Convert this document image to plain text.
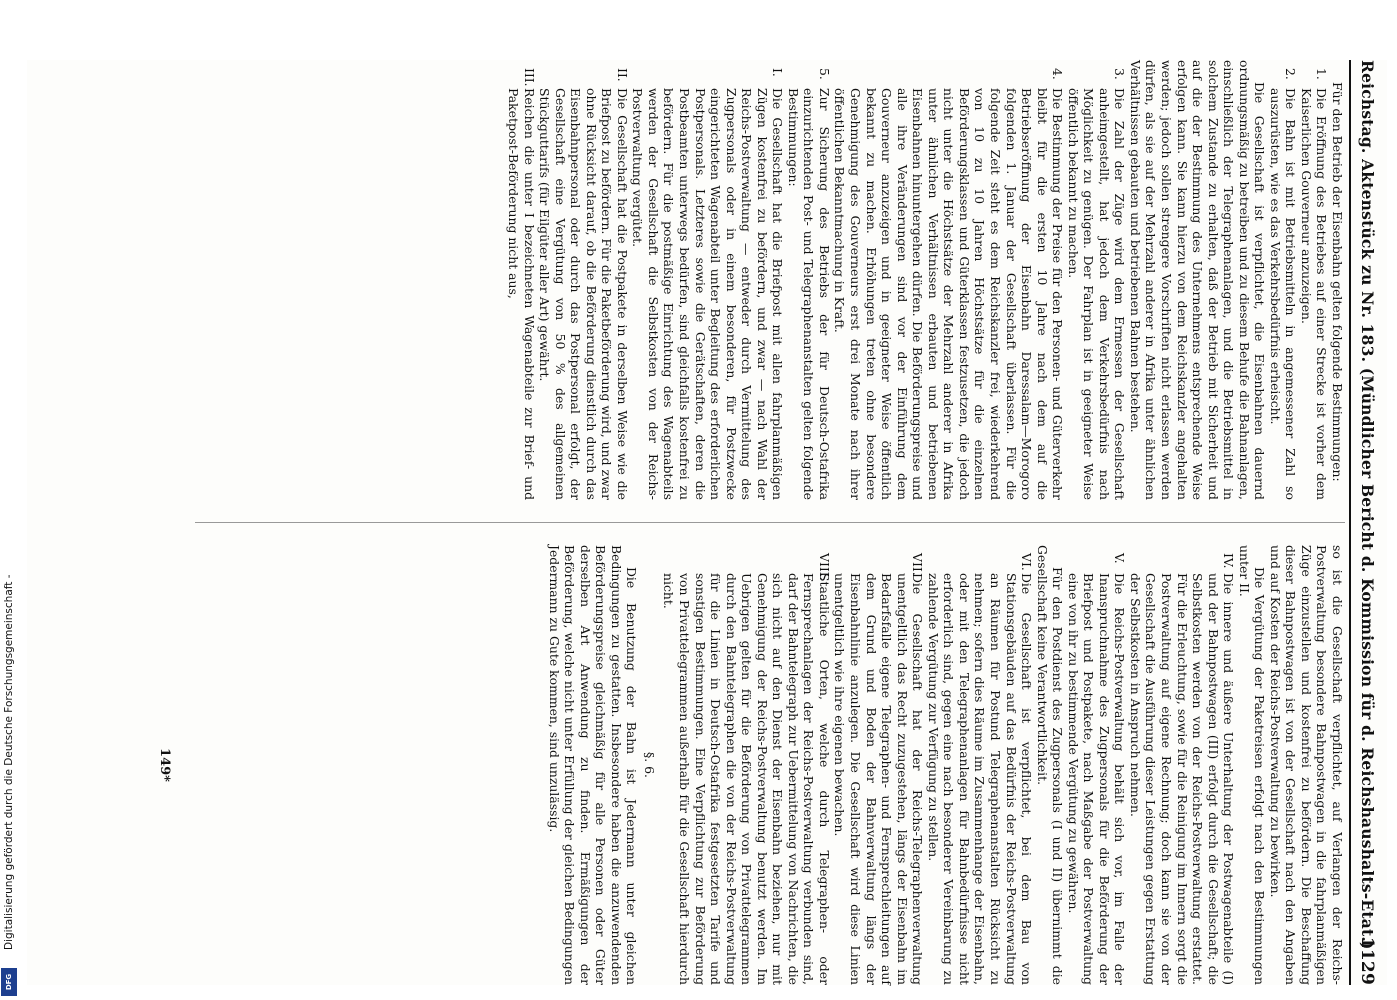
Reichstag. Aktenstück zu Nr. 183. (Mündlicher Bericht d. Kommission für d. Reichshaushalts-Etat.)
1129

Für den Betrieb der Eisenbahn gelten folgende Bestimmungen:

1.Die Eröffnung des Betriebes auf einer Strecke ist vorher dem Kaiserlichen Gouverneur anzuzeigen.

2.Die Bahn ist mit Betriebsmitteln in angemessener Zahl so auszurüsten, wie es das Verkehrsbedürfnis erheischt.

Die Gesellschaft ist verpflichtet, die Eisenbahnen dauernd ordnungsmäßig zu betreiben und zu diesem Behufe die Bahnanlagen, einschließlich der Telegraphenanlagen, und die Betriebsmittel in solchem Zustande zu erhalten, daß der Betrieb mit Sicherheit und auf die der Bestimmung des Unternehmens entsprechende Weise erfolgen kann. Sie kann hierzu von dem Reichskanzler angehalten werden; jedoch sollen strengere Vorschriften nicht erlassen werden dürfen, als sie auf der Mehrzahl anderer in Afrika unter ähnlichen Verhältnissen gebauten und betriebenen Bahnen bestehen.

3.Die Zahl der Züge wird dem Ermessen der Gesellschaft anheimgestellt, hat jedoch dem Verkehrsbedürfnis nach Möglichkeit zu genügen. Der Fahrplan ist in geeigneter Weise öffentlich bekannt zu machen.

4.Die Bestimmung der Preise für den Personen- und Güterverkehr bleibt für die ersten 10 Jahre nach dem auf die Betriebseröffnung der Eisenbahn Daressalam—Morogoro folgenden 1. Januar der Gesellschaft überlassen. Für die folgende Zeit steht es dem Reichskanzler frei, wiederkehrend von 10 zu 10 Jahren Höchstsätze für die einzelnen Beförderungsklassen und Güterklassen festzusetzen, die jedoch nicht unter die Höchstsätze der Mehrzahl anderer in Afrika unter ähnlichen Verhältnissen erbauten und betriebenen Eisenbahnen hinuntergehen dürfen. Die Beförderungspreise und alle ihre Veränderungen sind vor der Einführung dem Gouverneur anzuzeigen und in geeigneter Weise öffentlich bekannt zu machen. Erhöhungen treten ohne besondere Genehmigung des Gouverneurs erst drei Monate nach ihrer öffentlichen Bekanntmachung in Kraft.

5.Zur Sicherung des Betriebs der für Deutsch-Ostafrika einzurichtenden Post- und Telegraphenanstalten gelten folgende Bestimmungen:

I.Die Gesellschaft hat die Briefpost mit allen fahrplanmäßigen Zügen kostenfrei zu befördern, und zwar — nach Wahl der Reichs-Postverwaltung — entweder durch Vermittelung des Zugpersonals oder in einem besonderen, für Postzwecke eingerichteten Wagenabteil unter Begleitung des erforderlichen Postpersonals. Letzteres sowie die Gerätschaften, deren die Postbeamten unterwegs bedürfen, sind gleichfalls kostenfrei zu befördern. Für die postmäßige Einrichtung des Wagenabteils werden der Gesellschaft die Selbstkosten von der Reichs-Postverwaltung vergütet.

II.Die Gesellschaft hat die Postpakete in derselben Weise wie die Briefpost zu befördern. Für die Paketbeförderung wird, und zwar ohne Rücksicht darauf, ob die Beförderung dienstlich durch das Eisenbahnpersonal oder durch das Postpersonal erfolgt, der Gesellschaft eine Vergütung von 50 % des allgemeinen Stückguttarifs (für Eilgüter aller Art) gewährt.

III.Reichen die unter I bezeichneten Wagenabteile zur Brief- und Paketpost-Beförderung nicht aus,

so ist die Gesellschaft verpflichtet, auf Verlangen der Reichs-Postverwaltung besondere Bahnpostwagen in die fahrplanmäßigen Züge einzustellen und kostenfrei zu befördern. Die Beschaffung dieser Bahnpostwagen ist von der Gesellschaft nach den Angaben und auf Kosten der Reichs-Postverwaltung zu bewirken.

Die Vergütung der Paketreisen erfolgt nach den Bestimmungen unter II.

IV.Die innere und äußere Unterhaltung der Postwagenabteile (I) und der Bahnpostwagen (III) erfolgt durch die Gesellschaft; die Selbstkosten werden von der Reichs-Postverwaltung erstattet. Für die Erleuchtung, sowie für die Reinigung im Innern sorgt die Postverwaltung auf eigene Rechnung; doch kann sie von der Gesellschaft die Ausführung dieser Leistungen gegen Erstattung der Selbstkosten in Anspruch nehmen.

V.Die Reichs-Postverwaltung behält sich vor, im Falle der Inanspruchnahme des Zugpersonals für die Beförderung der Briefpost und Postpakete, nach Maßgabe der Postverwaltung eine von ihr zu bestimmende Vergütung zu gewähren.

Für den Postdienst des Zugpersonals (I und II) übernimmt die Gesellschaft keine Verantwortlichkeit.

VI.Die Gesellschaft ist verpflichtet, bei dem Bau von Stationsgebäuden auf das Bedürfnis der Reichs-Postverwaltung an Räumen für Postund Telegraphenanstalten Rücksicht zu nehmen; sofern dies Räume im Zusammenhange der Eisenbahn, oder mit den Telegraphenanlagen für Bahnbedürfnisse nicht erforderlich sind, gegen eine nach besonderer Vereinbarung zu zahlende Vergütung zur Verfügung zu stellen.

VII.Die Gesellschaft hat der Reichs-Telegraphenverwaltung unentgeltlich das Recht zuzugestehen, längs der Eisenbahn im Bedarfsfalle eigene Telegraphen- und Fernsprechleitungen auf dem Grund und Boden der Bahnverwaltung längs der Eisenbahnlinie anzulegen. Die Gesellschaft wird diese Linien unentgeltlich wie ihre eigenen bewachen.

VIII.Staatliche Orten, welche durch Telegraphen- oder Fernsprechanlagen der Reichs-Postverwaltung verbunden sind, darf der Bahntelegraph zur Uebermittelung von Nachrichten, die sich nicht auf den Dienst der Eisenbahn beziehen, nur mit Genehmigung der Reichs-Postverwaltung benutzt werden. Im Uebrigen gelten für die Beförderung von Privattelegrammen durch den Bahntelegraphen die von der Reichs-Postverwaltung für die Linien in Deutsch-Ostafrika festgesetzten Tarife und sonstigen Bestimmungen. Eine Verpflichtung zur Beförderung von Privattelegrammen außerhalb für die Gesellschaft hierdurch nicht.

§. 6.

Die Benutzung der Bahn ist Jedermann unter gleichen Bedingungen zu gestatten. Insbesondere haben die anzuwendenden Beförderungspreise gleichmäßig für alle Personen oder Güter derselben Art Anwendung zu finden. Ermäßigungen der Beförderung, welche nicht unter Erfüllung der gleichen Bedingungen Jedermann zu Gute kommen, sind unzulässig.

149*
Digitalisierung gefördert durch die Deutsche Forschungsgemeinschaft -
DFG
